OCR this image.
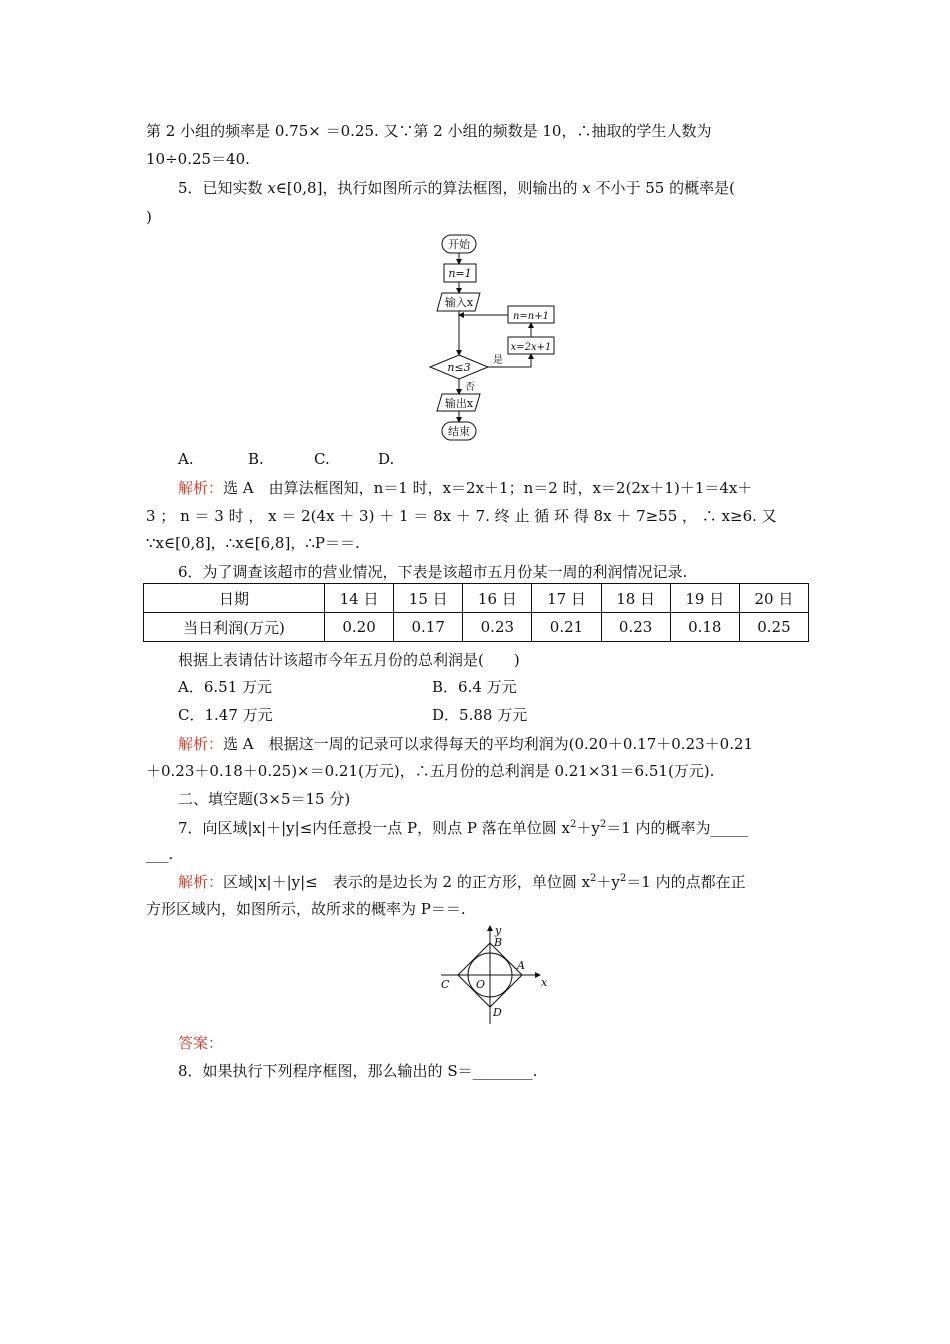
第 2 小组的频率是 0.75× ＝0.25. 又∵第 2 小组的频数是 10，∴抽取的学生人数为
10÷0.25＝40.
5．已知实数 x∈[0,8]，执行如图所示的算法框图，则输出的 x 不小于 55 的概率是(
)
开始
n=1
输入x
n=n+1
x=2x+1
n≤3
是
否
输出x
结束
A.	B.	C.	D.
解析：选 A　由算法框图知，n＝1 时，x＝2x＋1；n＝2 时，x＝2(2x＋1)＋1＝4x＋
3 ； n ＝ 3 时 ， x ＝ 2(4x ＋ 3) ＋ 1 ＝ 8x ＋ 7. 终 止 循 环 得 8x ＋ 7≥55 ， ∴ x≥6. 又
∵x∈[0,8]，∴x∈[6,8]，∴P＝＝.
6．为了调查该超市的营业情况，下表是该超市五月份某一周的利润情况记录.
日期	14 日	15 日	16 日	17 日	18 日	19 日	20 日
当日利润(万元)	0.20	0.17	0.23	0.21	0.23	0.18	0.25
根据上表请估计该超市今年五月份的总利润是(　　)
A．6.51 万元	B．6.4 万元
C．1.47 万元	D．5.88 万元
解析：选 A　根据这一周的记录可以求得每天的平均利润为(0.20＋0.17＋0.23＋0.21
＋0.23＋0.18＋0.25)×＝0.21(万元)，∴五月份的总利润是 0.21×31＝6.51(万元).
二、填空题(3×5＝15 分)
7．向区域|x|＋|y|≤内任意投一点 P，则点 P 落在单位圆 $x^2+y^2=1$ 内的概率为_____
___.
解析：区域|x|＋|y|≤　表示的是边长为 2 的正方形，单位圆 $x^2+y^2=1$ 内的点都在正
方形区域内，如图所示，故所求的概率为 P＝＝.
y
x
B
A
C O
D
答案：
8．如果执行下列程序框图，那么输出的 S＝________.
